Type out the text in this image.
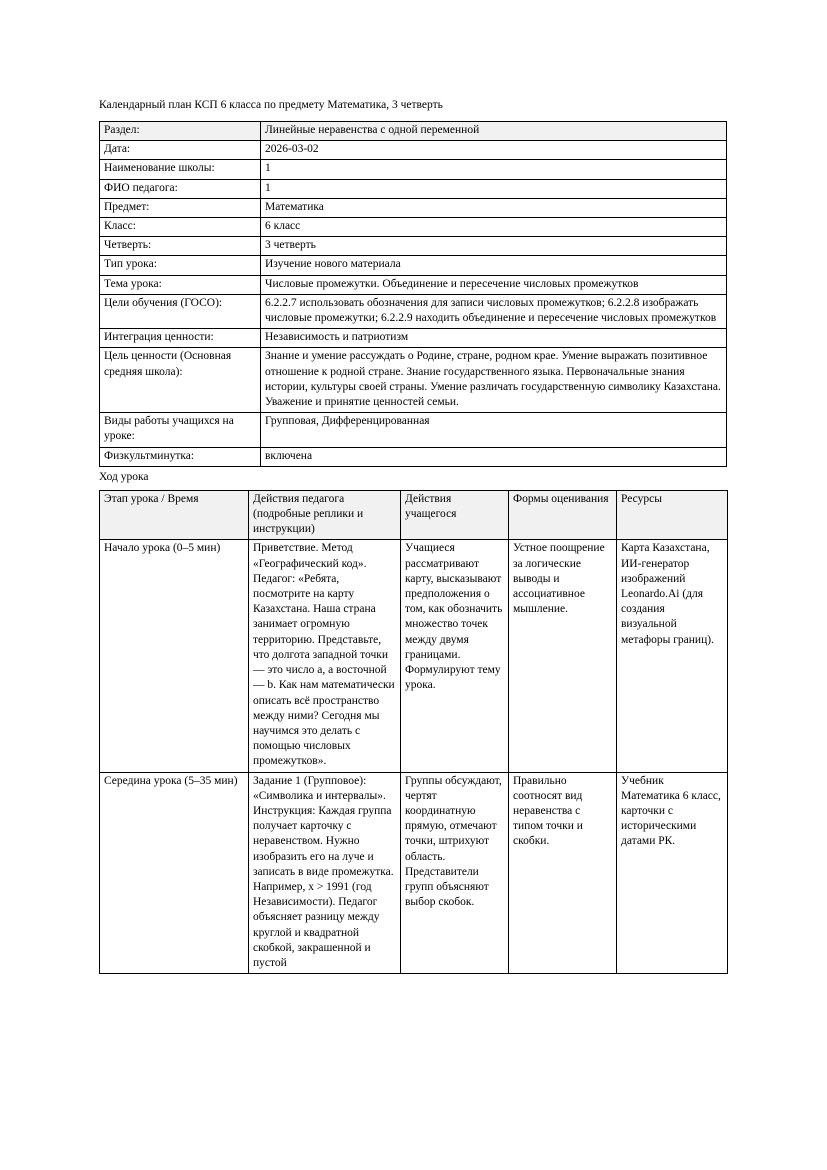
Календарный план КСП 6 класса по предмету Математика, 3 четверть
Раздел:	Линейные неравенства с одной переменной
Дата:	2026-03-02
Наименование школы:	1
ФИО педагога:	1
Предмет:	Математика
Класс:	6 класс
Четверть:	3 четверть
Тип урока:	Изучение нового материала
Тема урока:	Числовые промежутки. Объединение и пересечение числовых промежутков
Цели обучения (ГОСО):	6.2.2.7 использовать обозначения для записи числовых промежутков; 6.2.2.8 изображать числовые промежутки; 6.2.2.9 находить объединение и пересечение числовых промежутков
Интеграция ценности:	Независимость и патриотизм
Цель ценности (Основная средняя школа):	Знание и умение рассуждать о Родине, стране, родном крае. Умение выражать позитивное отношение к родной стране. Знание государственного языка. Первоначальные знания истории, культуры своей страны. Умение различать государственную символику Казахстана. Уважение и принятие ценностей семьи.
Виды работы учащихся на уроке:	Групповая, Дифференцированная
Физкультминутка:	включена
Ход урока
Этап урока / Время	Действия педагога (подробные реплики и инструкции)	Действия учащегося	Формы оценивания	Ресурсы
Начало урока (0–5 мин)	Приветствие. Метод «Географический код». Педагог: «Ребята, посмотрите на карту Казахстана. Наша страна занимает огромную территорию. Представьте, что долгота западной точки — это число a, а восточной — b. Как нам математически описать всё пространство между ними? Сегодня мы научимся это делать с помощью числовых промежутков».	Учащиеся рассматривают карту, высказывают предположения о том, как обозначить множество точек между двумя границами. Формулируют тему урока.	Устное поощрение за логические выводы и ассоциативное мышление.	Карта Казахстана, ИИ-генератор изображений Leonardo.Ai (для создания визуальной метафоры границ).
Середина урока (5–35 мин)	Задание 1 (Групповое): «Символика и интервалы». Инструкция: Каждая группа получает карточку с неравенством. Нужно изобразить его на луче и записать в виде промежутка. Например, x > 1991 (год Независимости). Педагог объясняет разницу между круглой и квадратной скобкой, закрашенной и пустой	Группы обсуждают, чертят координатную прямую, отмечают точки, штрихуют область. Представители групп объясняют выбор скобок.	Правильно соотносят вид неравенства с типом точки и скобки.	Учебник Математика 6 класс, карточки с историческими датами РК.
